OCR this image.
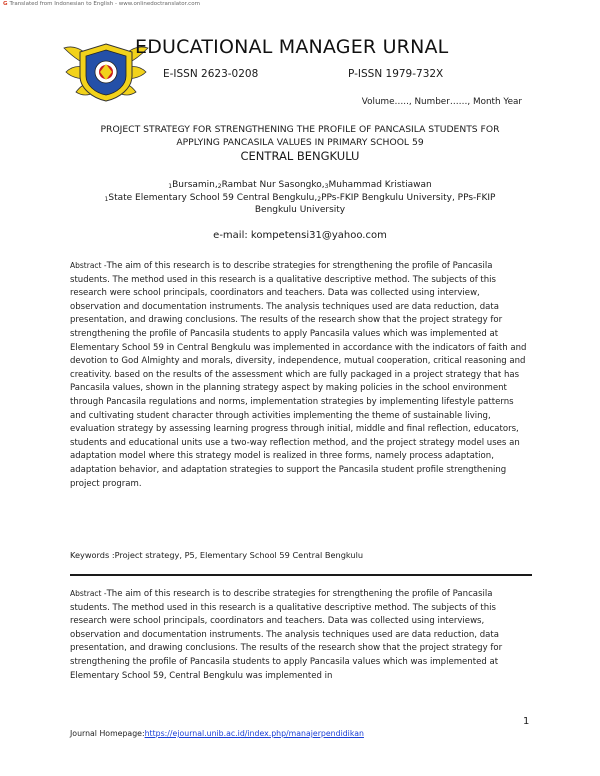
G Translated from Indonesian to English - www.onlinedoctranslator.com
EDUCATIONAL MANAGER URNAL
E-ISSN 2623-0208	P-ISSN 1979-732X
Volume….., Number……, Month Year
PROJECT STRATEGY FOR STRENGTHENING THE PROFILE OF PANCASILA STUDENTS FOR
APPLYING PANCASILA VALUES IN PRIMARY SCHOOL 59
CENTRAL BENGKULU
$_1Bursamin,_2Rambat$ Nur $Sasongko,_3Muhammad$ Kristiawan
$_1$State Elementary School 59 Central $Bengkulu,_2PPs$-FKIP Bengkulu University, PPs-FKIP
Bengkulu University
e-mail: kompetensi31@yahoo.com

Abstract -The aim of this research is to describe strategies for strengthening the profile of Pancasila students. The method used in this research is a qualitative descriptive method. The subjects of this research were school principals, coordinators and teachers. Data was collected using interview, observation and documentation instruments. The analysis techniques used are data reduction, data presentation, and drawing conclusions. The results of the research show that the project strategy for strengthening the profile of Pancasila students to apply Pancasila values which was implemented at Elementary School 59 in Central Bengkulu was implemented in accordance with the indicators of faith and devotion to God Almighty and morals, diversity, independence, mutual cooperation, critical reasoning and creativity. based on the results of the assessment which are fully packaged in a project strategy that has Pancasila values, shown in the planning strategy aspect by making policies in the school environment through Pancasila regulations and norms, implementation strategies by implementing lifestyle patterns and cultivating student character through activities implementing the theme of sustainable living, evaluation strategy by assessing learning progress through initial, middle and final reflection, educators, students and educational units use a two-way reflection method, and the project strategy model uses an adaptation model where this strategy model is realized in three forms, namely process adaptation, adaptation behavior, and adaptation strategies to support the Pancasila student profile strengthening project program.

Keywords :Project strategy, P5, Elementary School 59 Central Bengkulu

Abstract -The aim of this research is to describe strategies for strengthening the profile of Pancasila students. The method used in this research is a qualitative descriptive method. The subjects of this research were school principals, coordinators and teachers. Data was collected using interviews, observation and documentation instruments. The analysis techniques used are data reduction, data presentation, and drawing conclusions. The results of the research show that the project strategy for strengthening the profile of Pancasila students to apply Pancasila values which was implemented at Elementary School 59, Central Bengkulu was implemented in

1
Journal Homepage:https://ejournal.unib.ac.id/index.php/manajerpendidikan
